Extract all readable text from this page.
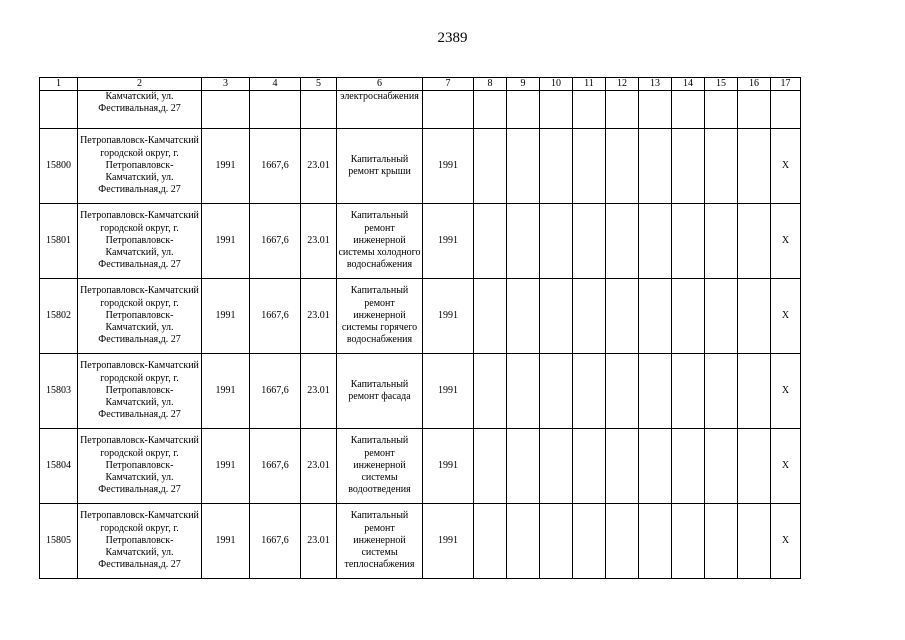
2389
1	2	3	4	5	6	7	8	9	10	11	12	13	14	15	16	17
	Камчатский, ул. Фестивальная,д. 27				электроснабжения											
15800	Петропавловск-Камчатский городской округ, г. Петропавловск-Камчатский, ул. Фестивальная,д. 27	1991	1667,6	23.01	Капитальный ремонт крыши	1991										Х
15801	Петропавловск-Камчатский городской округ, г. Петропавловск-Камчатский, ул. Фестивальная,д. 27	1991	1667,6	23.01	Капитальный ремонт инженерной системы холодного водоснабжения	1991										Х
15802	Петропавловск-Камчатский городской округ, г. Петропавловск-Камчатский, ул. Фестивальная,д. 27	1991	1667,6	23.01	Капитальный ремонт инженерной системы горячего водоснабжения	1991										Х
15803	Петропавловск-Камчатский городской округ, г. Петропавловск-Камчатский, ул. Фестивальная,д. 27	1991	1667,6	23.01	Капитальный ремонт фасада	1991										Х
15804	Петропавловск-Камчатский городской округ, г. Петропавловск-Камчатский, ул. Фестивальная,д. 27	1991	1667,6	23.01	Капитальный ремонт инженерной системы водоотведения	1991										Х
15805	Петропавловск-Камчатский городской округ, г. Петропавловск-Камчатский, ул. Фестивальная,д. 27	1991	1667,6	23.01	Капитальный ремонт инженерной системы теплоснабжения	1991										Х
